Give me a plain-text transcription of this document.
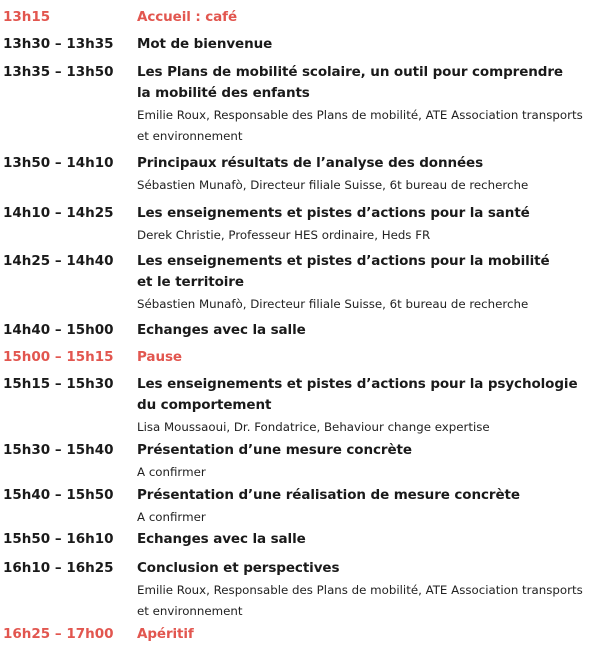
13h15	Accueil : café
13h30 – 13h35 Mot de bienvenue
13h35 – 13h50 Les Plans de mobilité scolaire, un outil pour comprendre
la mobilité des enfants
Emilie Roux, Responsable des Plans de mobilité, ATE Association transports
et environnement
13h50 – 14h10 Principaux résultats de l’analyse des données
Sébastien Munafò, Directeur filiale Suisse, 6t bureau de recherche
14h10 – 14h25 Les enseignements et pistes d’actions pour la santé
Derek Christie, Professeur HES ordinaire, Heds FR
14h25 – 14h40 Les enseignements et pistes d’actions pour la mobilité
et le territoire
Sébastien Munafò, Directeur filiale Suisse, 6t bureau de recherche
14h40 – 15h00 Echanges avec la salle
15h00 – 15h15 Pause
15h15 – 15h30 Les enseignements et pistes d’actions pour la psychologie
du comportement
Lisa Moussaoui, Dr. Fondatrice, Behaviour change expertise
15h30 – 15h40 Présentation d’une mesure concrète
A confirmer
15h40 – 15h50 Présentation d’une réalisation de mesure concrète
A confirmer
15h50 – 16h10 Echanges avec la salle
16h10 – 16h25 Conclusion et perspectives
Emilie Roux, Responsable des Plans de mobilité, ATE Association transports
et environnement
16h25 – 17h00 Apéritif
